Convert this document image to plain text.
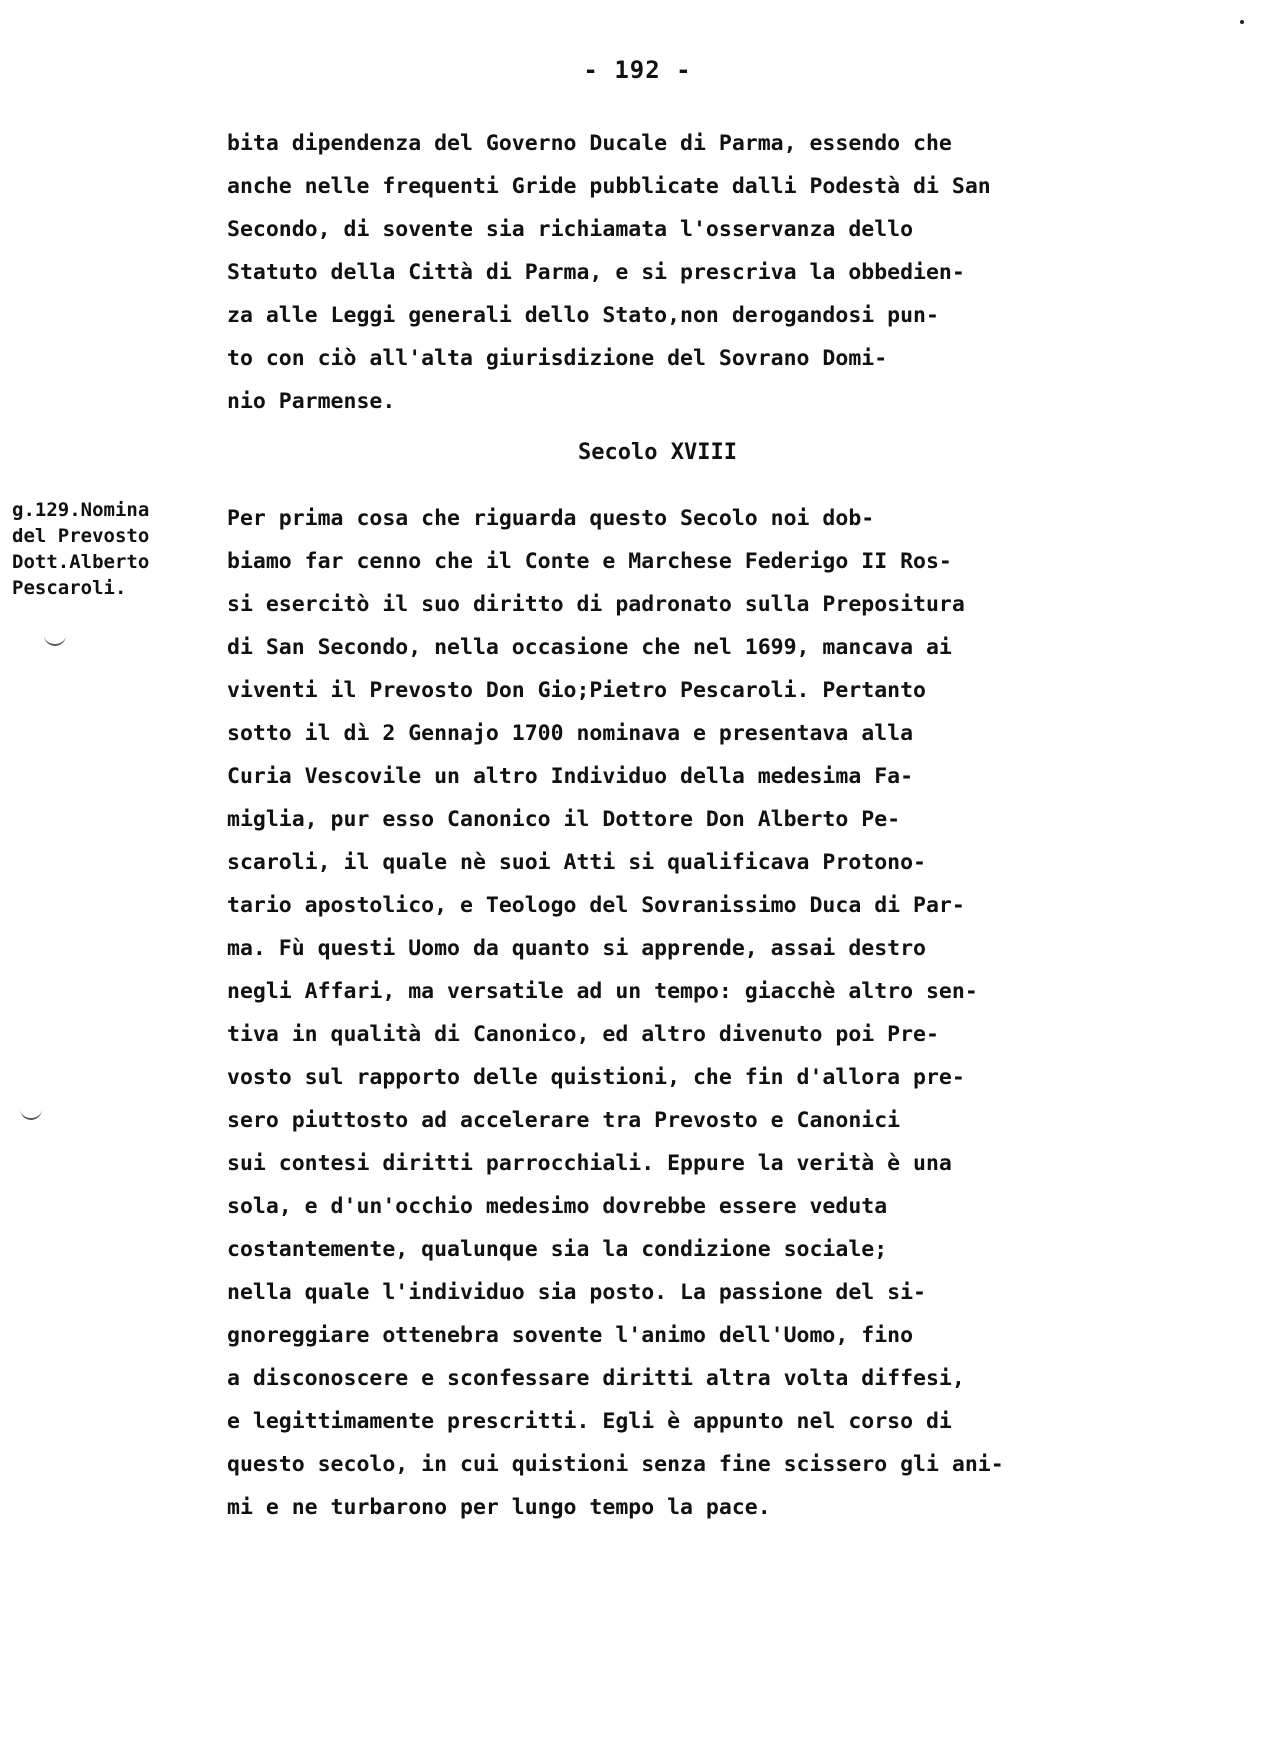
- 192 -
bita dipendenza del Governo Ducale di Parma, essendo che
anche nelle frequenti Gride pubblicate dalli Podestà di San
Secondo, di sovente sia richiamata l'osservanza dello
Statuto della Città di Parma, e si prescriva la obbedien-
za alle Leggi generali dello Stato,non derogandosi pun-
to con ciò all'alta giurisdizione del Sovrano Domi-
nio Parmense.
Secolo XVIII
g.129.Nomina
del Prevosto
Dott.Alberto
Pescaroli.
Per prima cosa che riguarda questo Secolo noi dob-
biamo far cenno che il Conte e Marchese Federigo II Ros-
si esercitò il suo diritto di padronato sulla Prepositura
di San Secondo, nella occasione che nel 1699, mancava ai
viventi il Prevosto Don Gio;Pietro Pescaroli. Pertanto
sotto il dì 2 Gennajo 1700 nominava e presentava alla
Curia Vescovile un altro Individuo della medesima Fa-
miglia, pur esso Canonico il Dottore Don Alberto Pe-
scaroli, il quale nè suoi Atti si qualificava Protono-
tario apostolico, e Teologo del Sovranissimo Duca di Par-
ma. Fù questi Uomo da quanto si apprende, assai destro
negli Affari, ma versatile ad un tempo: giacchè altro sen-
tiva in qualità di Canonico, ed altro divenuto poi Pre-
vosto sul rapporto delle quistioni, che fin d'allora pre-
sero piuttosto ad accelerare tra Prevosto e Canonici
sui contesi diritti parrocchiali. Eppure la verità è una
sola, e d'un'occhio medesimo dovrebbe essere veduta
costantemente, qualunque sia la condizione sociale;
nella quale l'individuo sia posto. La passione del si-
gnoreggiare ottenebra sovente l'animo dell'Uomo, fino
a disconoscere e sconfessare diritti altra volta diffesi,
e legittimamente prescritti. Egli è appunto nel corso di
questo secolo, in cui quistioni senza fine scissero gli ani-
mi e ne turbarono per lungo tempo la pace.
